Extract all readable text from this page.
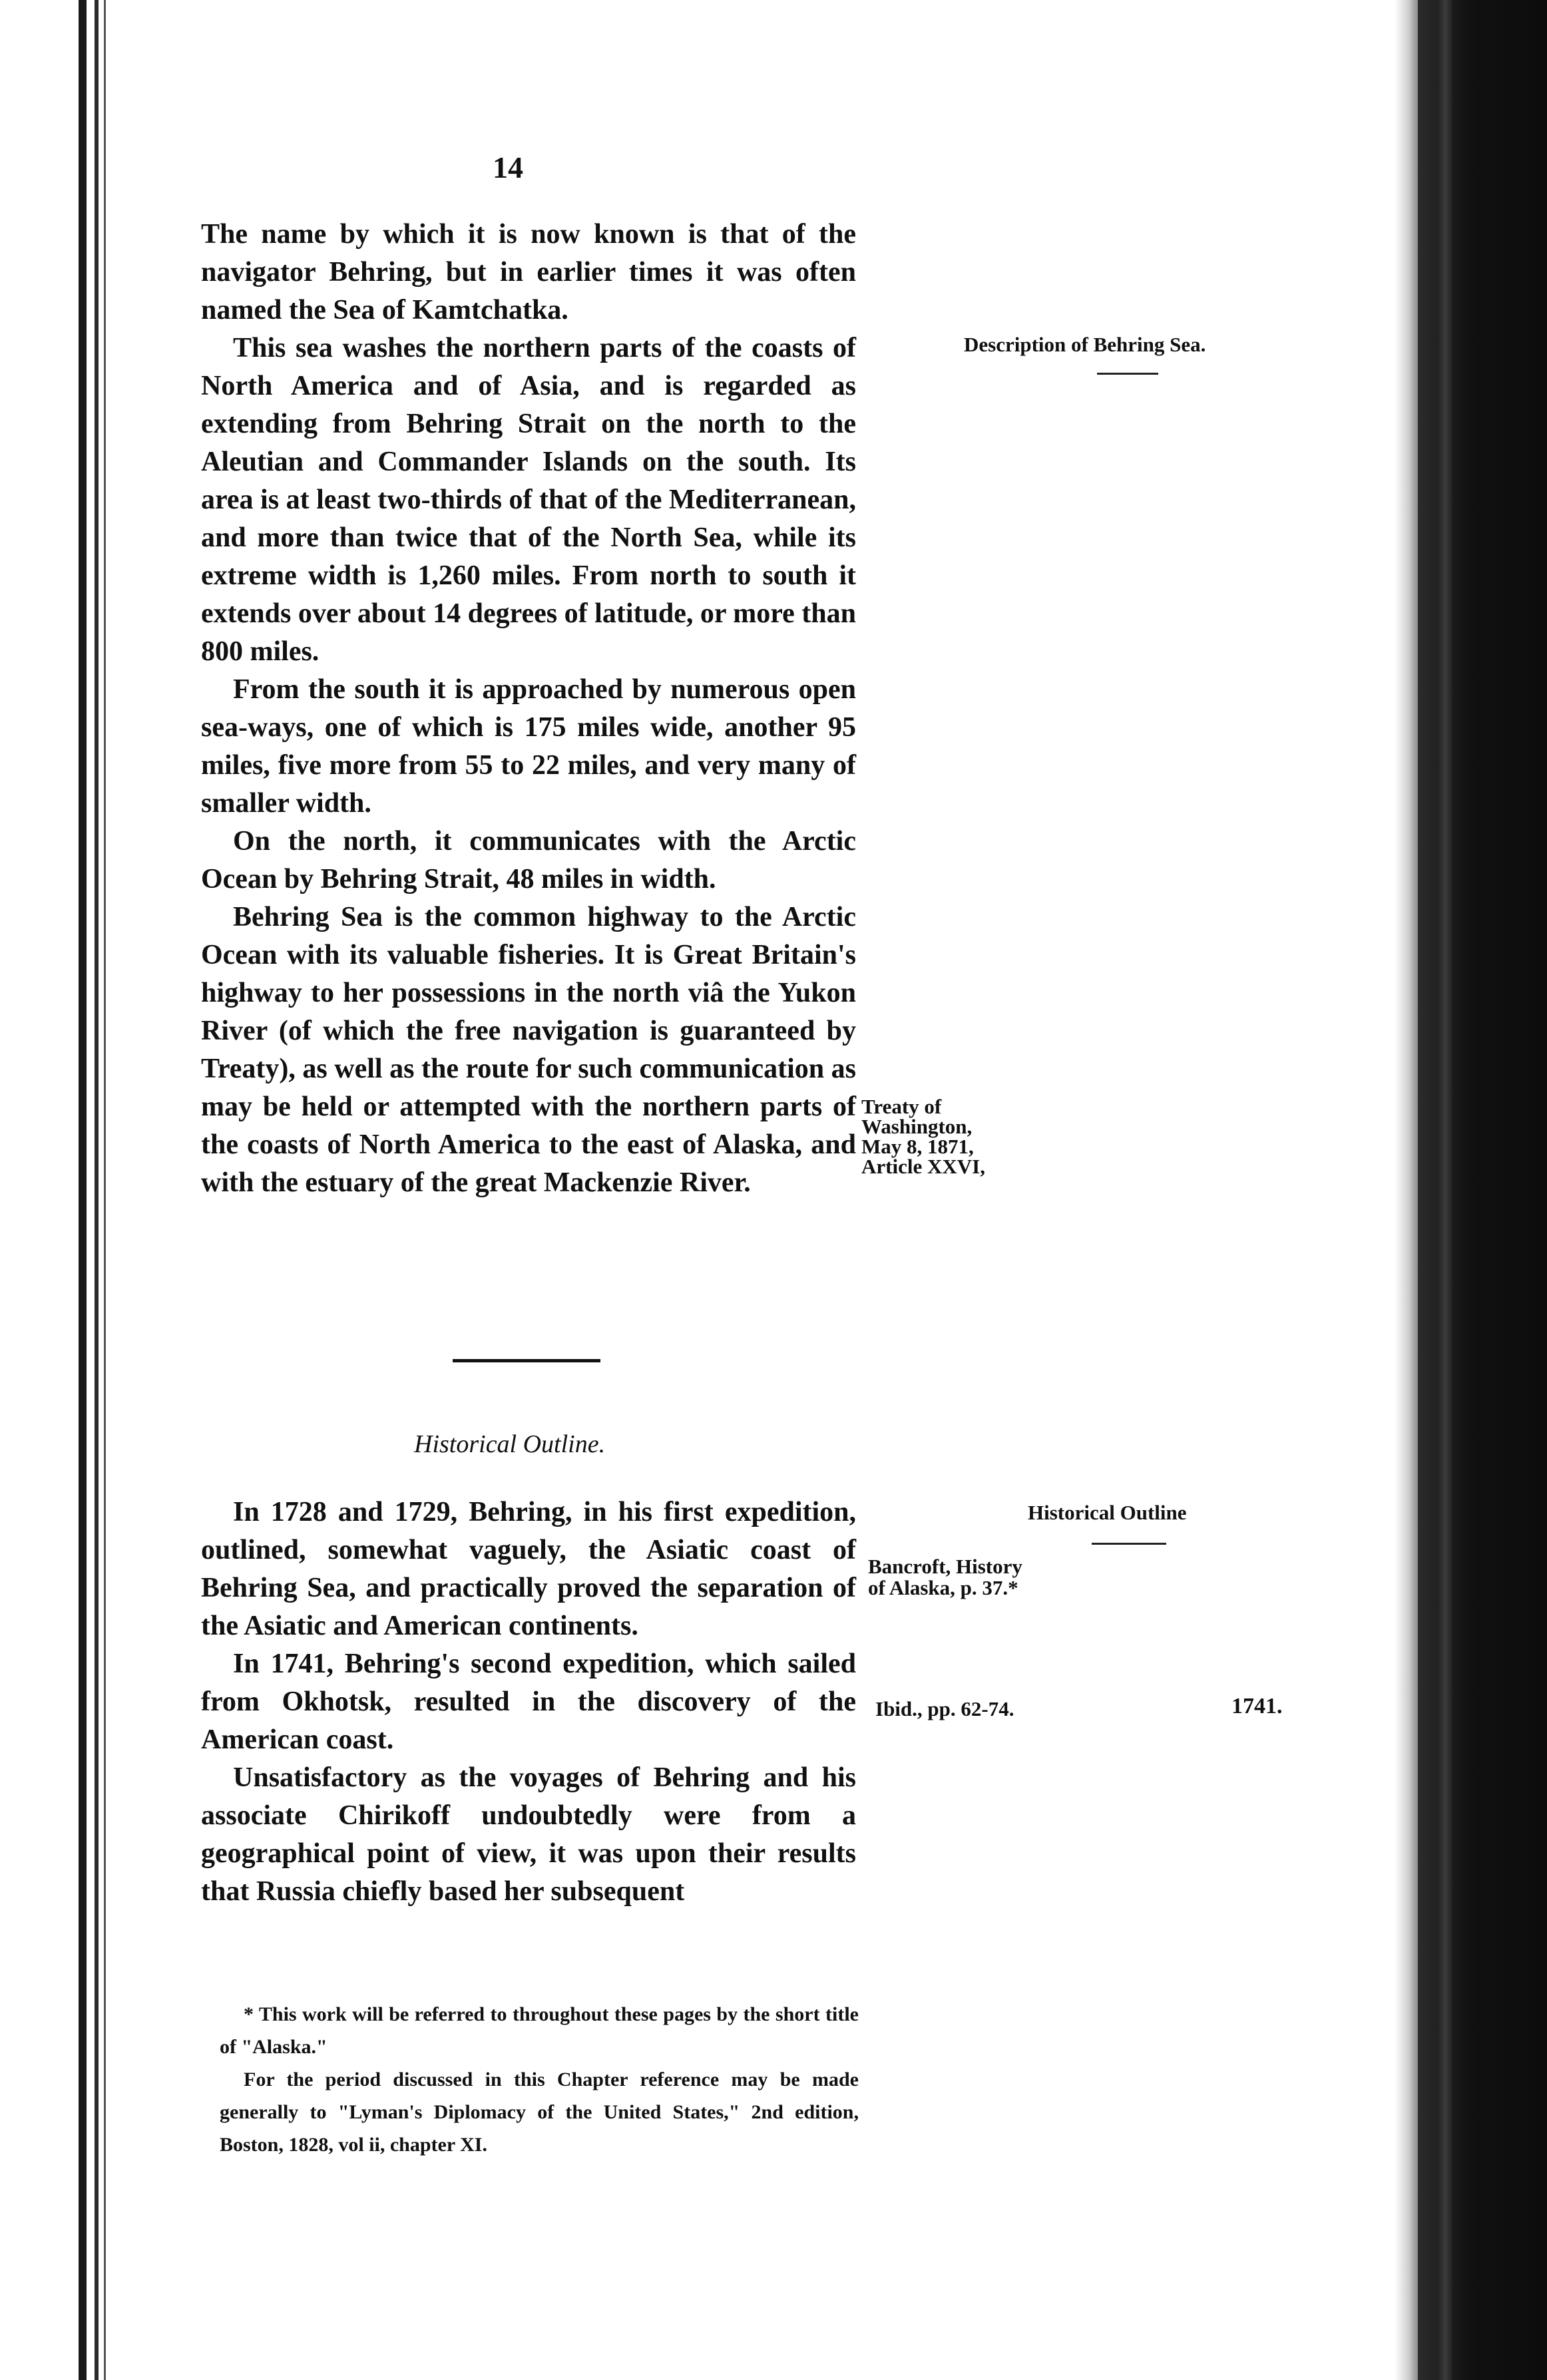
14

The name by which it is now known is that of the navigator Behring, but in earlier times it was often named the Sea of Kamtchatka.

This sea washes the northern parts of the coasts of North America and of Asia, and is regarded as extending from Behring Strait on the north to the Aleutian and Commander Islands on the south. Its area is at least two-thirds of that of the Mediterranean, and more than twice that of the North Sea, while its extreme width is 1,260 miles. From north to south it extends over about 14 degrees of latitude, or more than 800 miles.

From the south it is approached by numerous open sea-ways, one of which is 175 miles wide, another 95 miles, five more from 55 to 22 miles, and very many of smaller width.

On the north, it communicates with the Arctic Ocean by Behring Strait, 48 miles in width.

Behring Sea is the common highway to the Arctic Ocean with its valuable fisheries. It is Great Britain's highway to her possessions in the north viâ the Yukon River (of which the free navigation is guaranteed by Treaty), as well as the route for such communication as may be held or attempted with the northern parts of the coasts of North America to the east of Alaska, and with the estuary of the great Mackenzie River.

Description of Behring Sea.
Treaty of
Washington,
May 8, 1871,
Article XXVI,
Historical Outline.

In 1728 and 1729, Behring, in his first expedition, outlined, somewhat vaguely, the Asiatic coast of Behring Sea, and practically proved the separation of the Asiatic and American continents.

In 1741, Behring's second expedition, which sailed from Okhotsk, resulted in the discovery of the American coast.

Unsatisfactory as the voyages of Behring and his associate Chirikoff undoubtedly were from a geographical point of view, it was upon their results that Russia chiefly based her subsequent

Historical Outline
Bancroft, History
of Alaska, p. 37.*
Ibid., pp. 62-74.	1741.

* This work will be referred to throughout these pages by the short title of "Alaska."

For the period discussed in this Chapter reference may be made generally to "Lyman's Diplomacy of the United States," 2nd edition, Boston, 1828, vol ii, chapter XI.
